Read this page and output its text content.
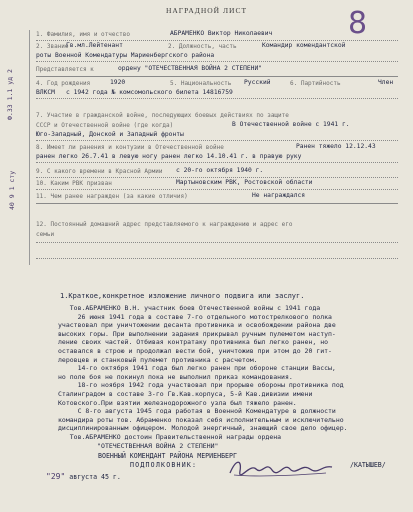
8
НАГРАДНОЙ ЛИСТ
Ф.33 1.1 уд 2
40 9 1 сту
1. Фамилия, имя и отчество	АБРАМЕНКО Виктор Николаевич
2. Звание
Гв.мл.Лейтенант	2. Должность, часть	Командир комендантской
роты Военной Комендатуры Мариенбергского района
Представляется к	ордену "ОТЕЧЕСТВЕННАЯ ВОЙНА 2 СТЕПЕНИ"
4. Год рождения	1920	5. Национальность Русский	6. Партийность	Член
ВЛКСМ с 1942 года № комсомольского билета 14816759
7. Участие в гражданской войне, последующих боевых действиях по защите
СССР и Отечественной войне (где когда)	В Отечественной войне с 1941 г.
Юго-Западный, Донской и Западный фронты
8. Имеет ли ранения и контузии в Отечественной войне	Ранен тяжело 12.12.43
ранен легко 26.7.41 в левую ногу ранен легко 14.10.41 г. в правую руку
9. С какого времени в Красной Армии с 20-го октября 1940 г.
10. Каким РВК призван	Мартыновским РВК, Ростовской области
11. Чем ранее награжден (за какие отличия)	Не награждался
12. Постоянный домашний адрес представляемого к награждению и адрес его
семьи
1.Краткое,конкретное изложение личного подвига или заслуг.
Тов.АБРАМЕНКО В.Н. участник боев Отечественной войны с 1941 года
26 июня 1941 года в составе 7-го отдельного мотострелкового полка
участвовал при уничтожении десанта противника и освобождении района две
высоких горы. При выполнении задания прикрывал ручным пулеметом наступ-
ление своих частей. Отбивая контратаку противника был легко ранен, но
оставался в строю и продолжал вести бой, уничтожив при этом до 20 гит-
леровцев и станковый пулемет противника с расчетом.
14-го октября 1941 года был легко ранен при обороне станции Вассы,
но поле боя не покинул пока не выполнил приказ командования.
18-го ноября 1942 года участвовал при прорыве обороны противника под
Сталинградом в составе 3-го Гв.Кав.корпуса, 5-й Кав.дивизии имени
Котовского.При взятии железнодорожного узла был тяжело ранен.
С 8-го августа 1945 года работая в Военной Комендатуре в должности
командира роты тов. Абраменко показал себя исполнительным и исключительно
дисциплинированным офицером. Молодой энергичный, знающий свое дело офицер.
Тов.АБРАМЕНКО достоин Правительственной награды ордена
"ОТЕЧЕСТВЕННАЯ ВОЙНА 2 СТЕПЕНИ"
ВОЕННЫЙ КОМЕНДАНТ РАЙОНА МЕРИЕНБЕРГ
ПОДПОЛКОВНИК:	/КАТЫШЕВ/
"29" августа 45 г.
